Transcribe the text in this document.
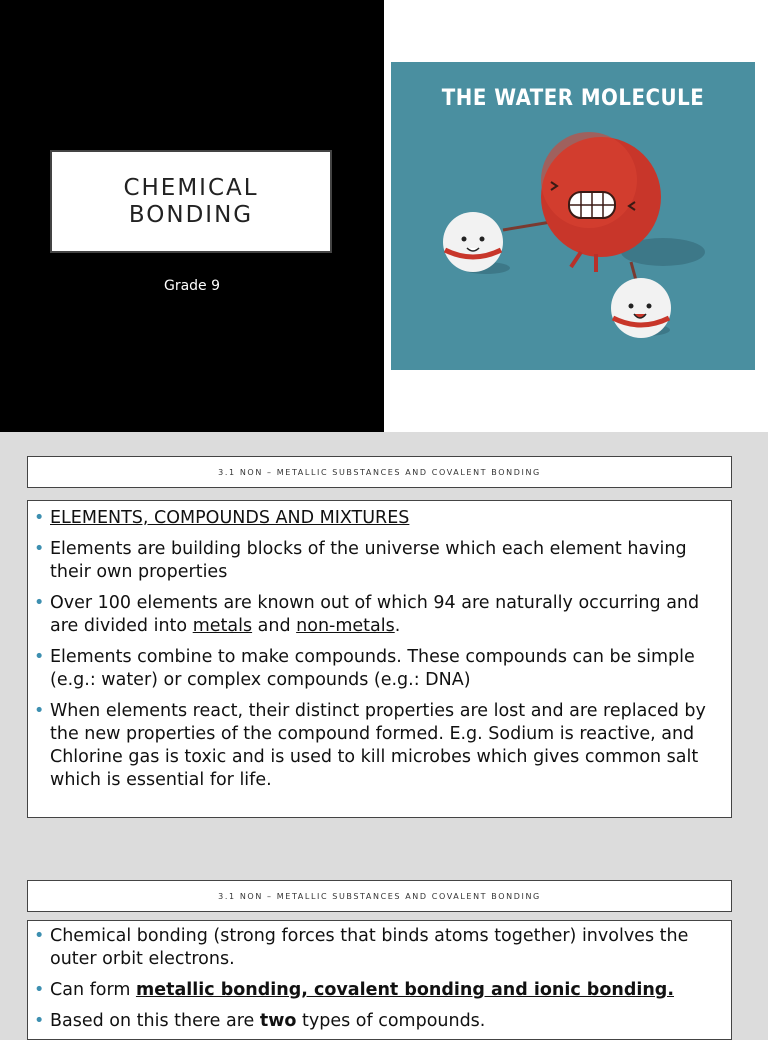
CHEMICAL
BONDING
Grade 9
THE WATER MOLECULE
3.1 NON – METALLIC SUBSTANCES AND COVALENT BONDING
• ELEMENTS, COMPOUNDS AND MIXTURES
• Elements are building blocks of the universe which each element having their own properties
• Over 100 elements are known out of which 94 are naturally occurring and are divided into metals and non-metals.
• Elements combine to make compounds. These compounds can be simple (e.g.: water) or complex compounds (e.g.: DNA)
• When elements react, their distinct properties are lost and are replaced by the new properties of the compound formed. E.g. Sodium is reactive, and Chlorine gas is toxic and is used to kill microbes which gives common salt which is essential for life.
3.1 NON – METALLIC SUBSTANCES AND COVALENT BONDING
• Chemical bonding (strong forces that binds atoms together) involves the outer orbit electrons.
• Can form metallic bonding, covalent bonding and ionic bonding.
• Based on this there are two types of compounds.
